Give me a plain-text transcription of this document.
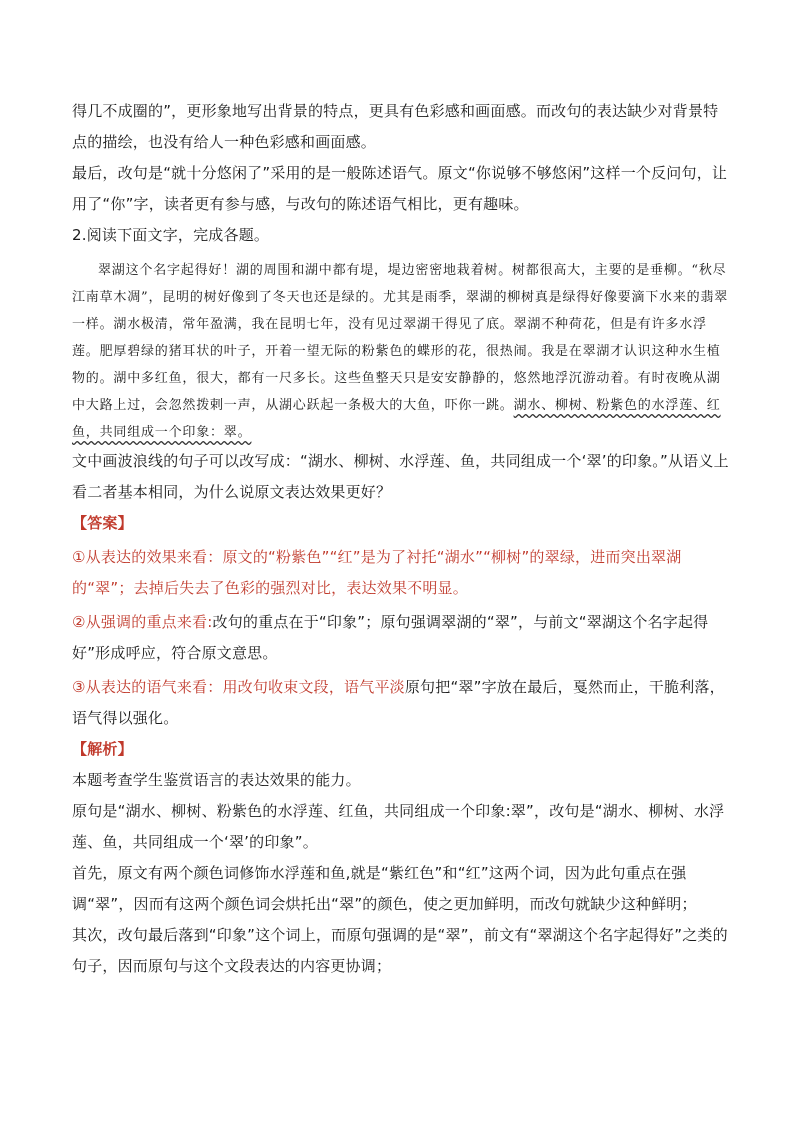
得几不成圈的”，更形象地写出背景的特点，更具有色彩感和画面感。而改句的表达缺少对背景特点的描绘，也没有给人一种色彩感和画面感。

最后，改句是“就十分悠闲了”采用的是一般陈述语气。原文“你说够不够悠闲”这样一个反问句，让用了“你”字，读者更有参与感，与改句的陈述语气相比，更有趣味。

2.阅读下面文字，完成各题。

翠湖这个名字起得好！湖的周围和湖中都有堤，堤边密密地栽着树。树都很高大，主要的是垂柳。“秋尽江南草木凋”，昆明的树好像到了冬天也还是绿的。尤其是雨季，翠湖的柳树真是绿得好像要滴下水来的翡翠一样。湖水极清，常年盈满，我在昆明七年，没有见过翠湖干得见了底。翠湖不种荷花，但是有许多水浮莲。肥厚碧绿的猪耳状的叶子，开着一望无际的粉紫色的蝶形的花，很热闹。我是在翠湖才认识这种水生植物的。湖中多红鱼，很大，都有一尺多长。这些鱼整天只是安安静静的，悠然地浮沉游动着。有时夜晚从湖中大路上过，会忽然拨剌一声，从湖心跃起一条极大的大鱼，吓你一跳。湖水、柳树、粉紫色的水浮莲、红鱼，共同组成一个印象：翠。

文中画波浪线的句子可以改写成：“湖水、柳树、水浮莲、鱼，共同组成一个‘翠’的印象。”从语义上看二者基本相同，为什么说原文表达效果更好？

【答案】

①从表达的效果来看：原文的“粉紫色”“红”是为了衬托“湖水”“柳树”的翠绿，进而突出翠湖的“翠”；去掉后失去了色彩的强烈对比，表达效果不明显。

②从强调的重点来看:改句的重点在于“印象”；原句强调翠湖的“翠”，与前文“翠湖这个名字起得好”形成呼应，符合原文意思。

③从表达的语气来看：用改句收束文段，语气平淡原句把“翠”字放在最后，戛然而止，干脆利落，语气得以强化。

【解析】

本题考查学生鉴赏语言的表达效果的能力。

原句是“湖水、柳树、粉紫色的水浮莲、红鱼，共同组成一个印象:翠”，改句是“湖水、柳树、水浮莲、鱼，共同组成一个‘翠’的印象”。

首先，原文有两个颜色词修饰水浮莲和鱼,就是“紫红色”和“红”这两个词，因为此句重点在强调“翠”，因而有这两个颜色词会烘托出“翠”的颜色，使之更加鲜明，而改句就缺少这种鲜明；

其次，改句最后落到“印象”这个词上，而原句强调的是“翠”，前文有“翠湖这个名字起得好”之类的句子，因而原句与这个文段表达的内容更协调；
